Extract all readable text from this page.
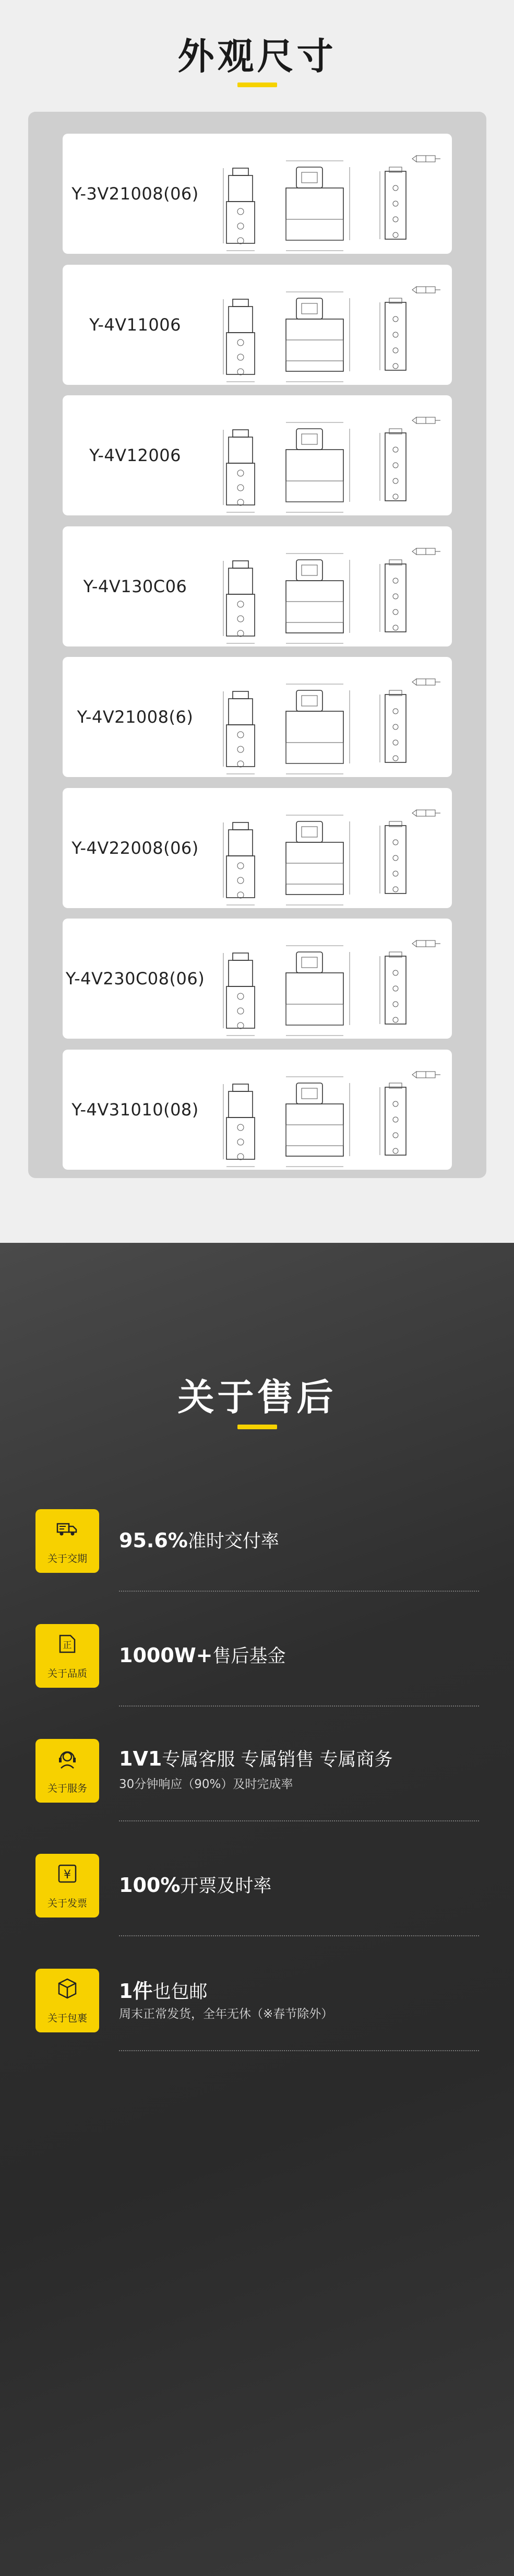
外观尺寸
Y-3V21008(06)
Y-4V11006
Y-4V12006
Y-4V130C06
Y-4V21008(6)
Y-4V22008(06)
Y-4V230C08(06)
Y-4V31010(08)
关于售后
关于交期
95.6%准时交付率
正
关于品质
1000W+售后基金
关于服务
1V1专属客服 专属销售 专属商务
30分钟响应（90%）及时完成率
¥
关于发票
100%开票及时率
关于包裹
1件也包邮
周末正常发货，全年无休（※春节除外）
